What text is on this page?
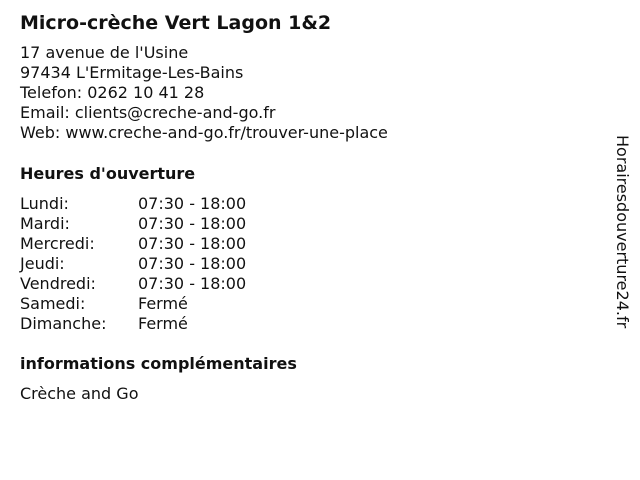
Micro-crèche Vert Lagon 1&2
17 avenue de l'Usine
97434 L'Ermitage-Les-Bains
Telefon: 0262 10 41 28
Email: clients@creche-and-go.fr
Web: www.creche-and-go.fr/trouver-une-place
Heures d'ouverture
Lundi:	07:30 - 18:00
Mardi:	07:30 - 18:00
Mercredi:	07:30 - 18:00
Jeudi:	07:30 - 18:00
Vendredi:	07:30 - 18:00
Samedi:	Fermé
Dimanche: Fermé
informations complémentaires
Crèche and Go
Horairesdouverture24.fr
